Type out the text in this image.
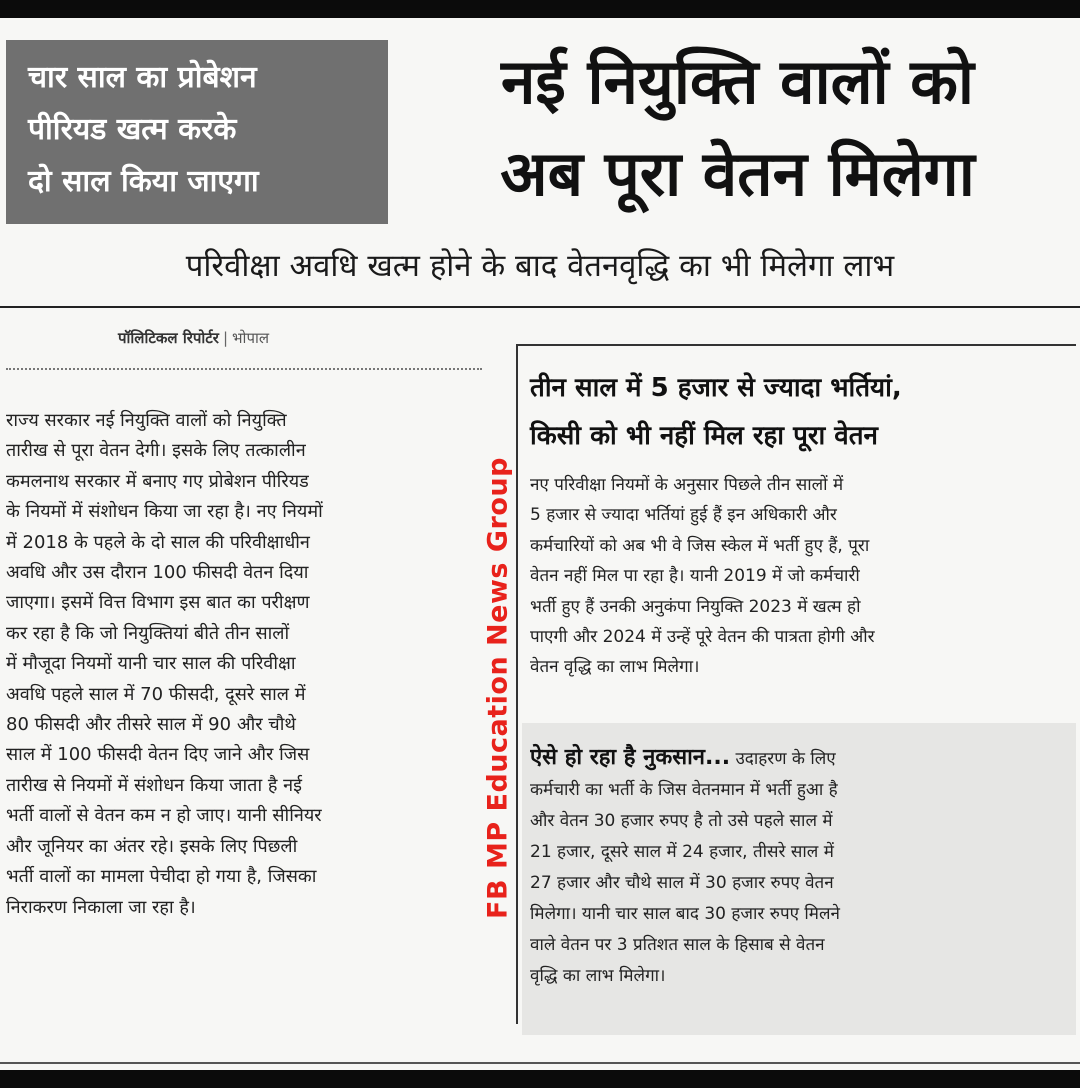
चार साल का प्रोबेशन
पीरियड खत्म करके
दो साल किया जाएगा
नई नियुक्ति वालों को
अब पूरा वेतन मिलेगा
परिवीक्षा अवधि खत्म होने के बाद वेतनवृद्धि का भी मिलेगा लाभ
पॉलिटिकल रिपोर्टर | भोपाल
राज्य सरकार नई नियुक्ति वालों को नियुक्ति
तारीख से पूरा वेतन देगी। इसके लिए तत्कालीन
कमलनाथ सरकार में बनाए गए प्रोबेशन पीरियड
के नियमों में संशोधन किया जा रहा है। नए नियमों
में 2018 के पहले के दो साल की परिवीक्षाधीन
अवधि और उस दौरान 100 फीसदी वेतन दिया
जाएगा। इसमें वित्त विभाग इस बात का परीक्षण
कर रहा है कि जो नियुक्तियां बीते तीन सालों
में मौजूदा नियमों यानी चार साल की परिवीक्षा
अवधि पहले साल में 70 फीसदी, दूसरे साल में
80 फीसदी और तीसरे साल में 90 और चौथे
साल में 100 फीसदी वेतन दिए जाने और जिस
तारीख से नियमों में संशोधन किया जाता है नई
भर्ती वालों से वेतन कम न हो जाए। यानी सीनियर
और जूनियर का अंतर रहे। इसके लिए पिछली
भर्ती वालों का मामला पेचीदा हो गया है, जिसका
निराकरण निकाला जा रहा है।	FB MP Education News Group
तीन साल में 5 हजार से ज्यादा भर्तियां,
किसी को भी नहीं मिल रहा पूरा वेतन
नए परिवीक्षा नियमों के अनुसार पिछले तीन सालों में
5 हजार से ज्यादा भर्तियां हुई हैं इन अधिकारी और
कर्मचारियों को अब भी वे जिस स्केल में भर्ती हुए हैं, पूरा
वेतन नहीं मिल पा रहा है। यानी 2019 में जो कर्मचारी
भर्ती हुए हैं उनकी अनुकंपा नियुक्ति 2023 में खत्म हो
पाएगी और 2024 में उन्हें पूरे वेतन की पात्रता होगी और
वेतन वृद्धि का लाभ मिलेगा।
ऐसे हो रहा है नुकसान... उदाहरण के लिए
कर्मचारी का भर्ती के जिस वेतनमान में भर्ती हुआ है
और वेतन 30 हजार रुपए है तो उसे पहले साल में
21 हजार, दूसरे साल में 24 हजार, तीसरे साल में
27 हजार और चौथे साल में 30 हजार रुपए वेतन
मिलेगा। यानी चार साल बाद 30 हजार रुपए मिलने
वाले वेतन पर 3 प्रतिशत साल के हिसाब से वेतन
वृद्धि का लाभ मिलेगा।
